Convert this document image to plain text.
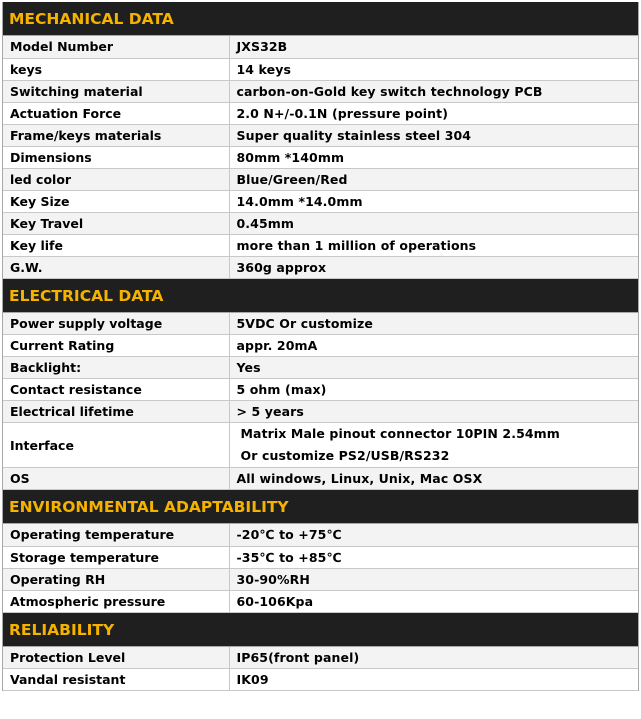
MECHANICAL DATA
Model Number	JXS32B
keys	14 keys
Switching material	carbon-on-Gold key switch technology PCB
Actuation Force	2.0 N+/-0.1N (pressure point)
Frame/keys materials	Super quality stainless steel 304
Dimensions	80mm *140mm
led color	Blue/Green/Red
Key Size	14.0mm *14.0mm
Key Travel	0.45mm
Key life	more than 1 million of operations
G.W.	360g approx
ELECTRICAL DATA
Power supply voltage	5VDC Or customize
Current Rating	appr. 20mA
Backlight:	Yes
Contact resistance	5 ohm (max)
Electrical lifetime	> 5 years
Interface	Matrix Male pinout connector 10PIN 2.54mm
Or customize PS2/USB/RS232

OS	All windows, Linux, Unix, Mac OSX
ENVIRONMENTAL ADAPTABILITY
Operating temperature	-20℃ to +75℃
Storage temperature	-35℃ to +85℃
Operating RH	30-90%RH
Atmospheric pressure	60-106Kpa
RELIABILITY
Protection Level	IP65(front panel)
Vandal resistant	IK09
